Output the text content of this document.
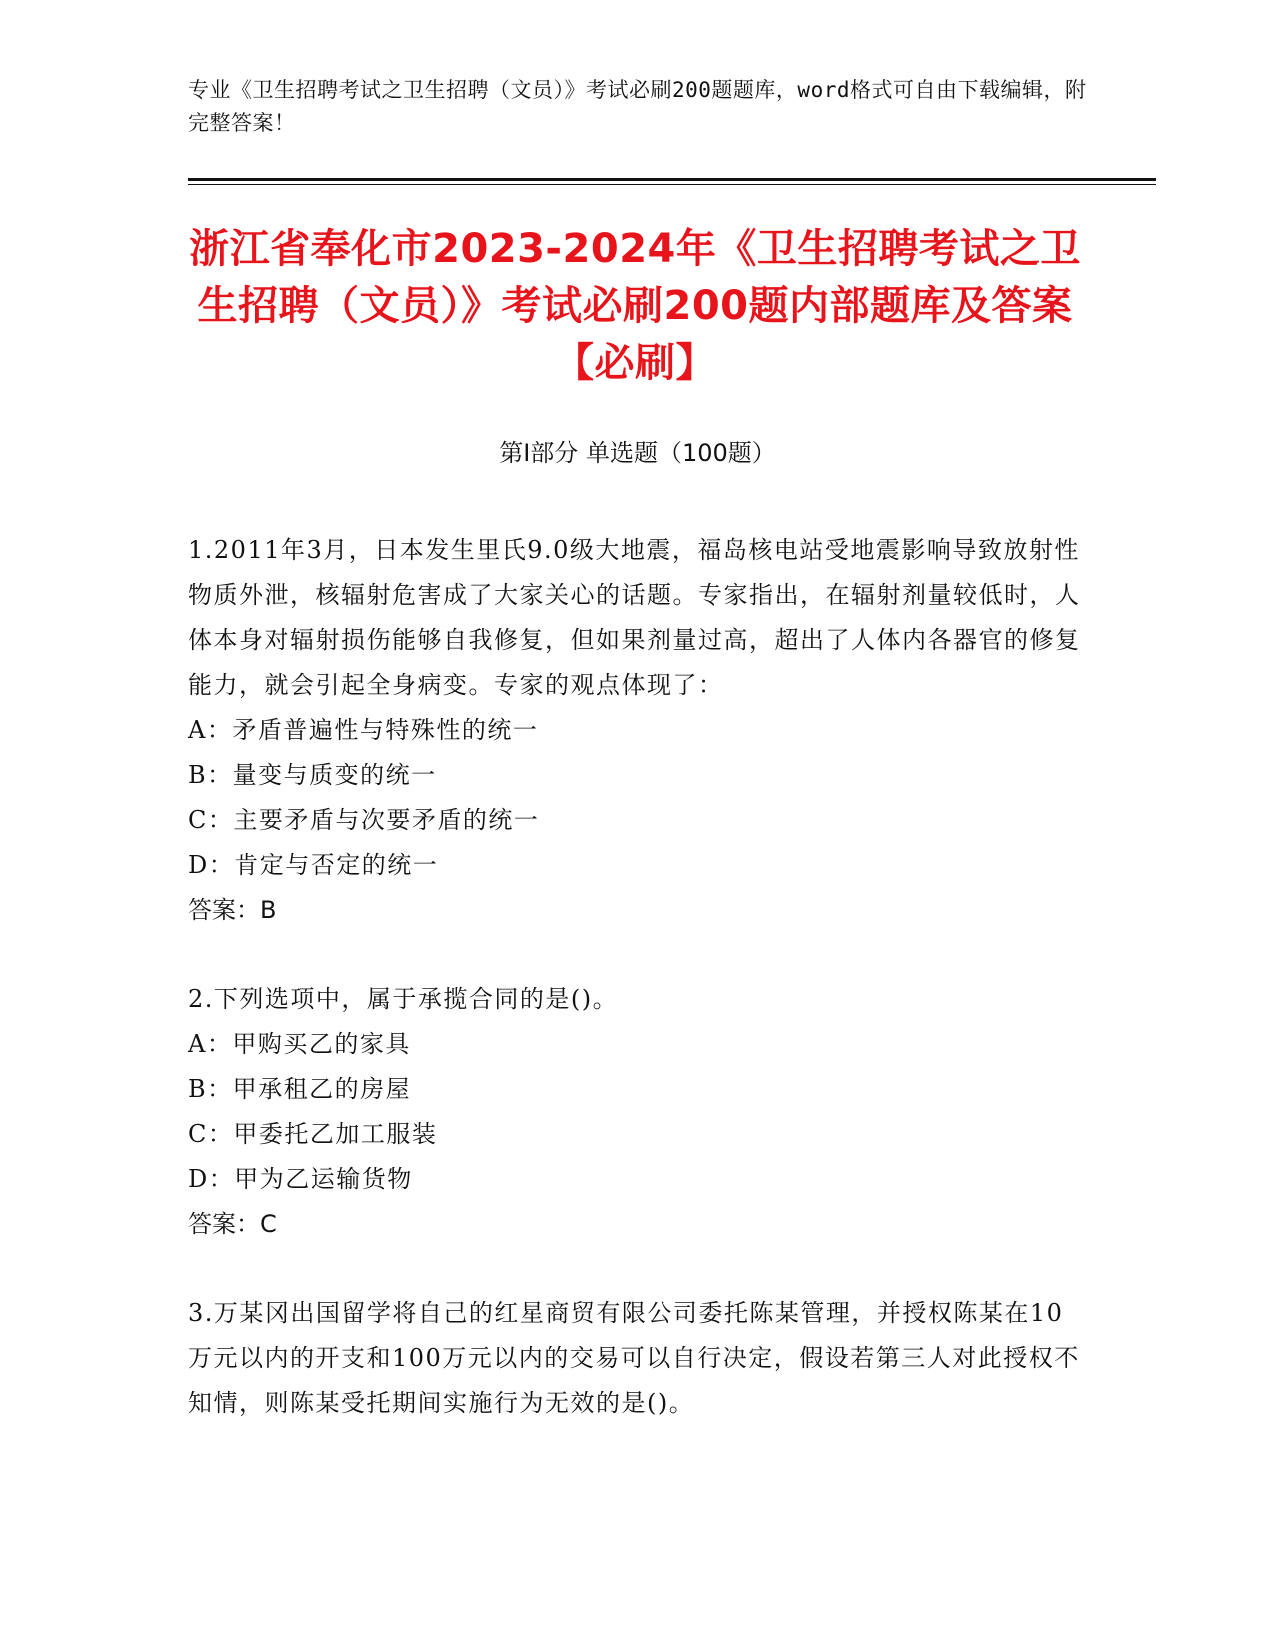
专业《卫生招聘考试之卫生招聘（文员）》考试必刷200题题库，word格式可自由下载编辑，附完整答案！
浙江省奉化市2023-2024年《卫生招聘考试之卫生招聘（文员）》考试必刷200题内部题库及答案【必刷】
第Ⅰ部分 单选题（100题）

1.2011年3月，日本发生里氏9.0级大地震，福岛核电站受地震影响导致放射性物质外泄，核辐射危害成了大家关心的话题。专家指出，在辐射剂量较低时，人体本身对辐射损伤能够自我修复，但如果剂量过高，超出了人体内各器官的修复能力，就会引起全身病变。专家的观点体现了：

A：矛盾普遍性与特殊性的统一

B：量变与质变的统一

C：主要矛盾与次要矛盾的统一

D：肯定与否定的统一

答案：B

2.下列选项中，属于承揽合同的是()。

A：甲购买乙的家具

B：甲承租乙的房屋

C：甲委托乙加工服装

D：甲为乙运输货物

答案：C

3.万某冈出国留学将自己的红星商贸有限公司委托陈某管理，并授权陈某在10万元以内的开支和100万元以内的交易可以自行决定，假设若第三人对此授权不知情，则陈某受托期间实施行为无效的是()。
